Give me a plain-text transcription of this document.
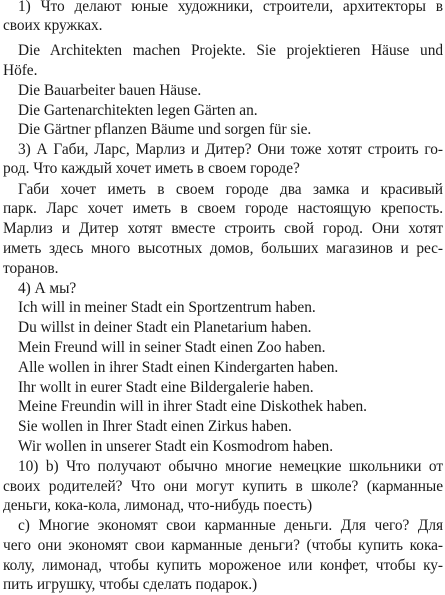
1) Что делают юные художники, строители, архитекторы в
своих кружках.
Die Architekten machen Projekte. Sie projektieren Häuse und
Höfe.
Die Bauarbeiter bauen Häuse.
Die Gartenarchitekten legen Gärten an.
Die Gärtner pflanzen Bäume und sorgen für sie.
3) А Габи, Ларс, Марлиз и Дитер? Они тоже хотят строить го-
род. Что каждый хочет иметь в своем городе?
Габи хочет иметь в своем городе два замка и красивый
парк. Ларс хочет иметь в своем городе настоящую крепость.
Марлиз и Дитер хотят вместе строить свой город. Они хотят
иметь здесь много высотных домов, больших магазинов и рес-
торанов.
4) А мы?
Ich will in meiner Stadt ein Sportzentrum haben.
Du willst in deiner Stadt ein Planetarium haben.
Mein Freund will in seiner Stadt einen Zoo haben.
Alle wollen in ihrer Stadt einen Kindergarten haben.
Ihr wollt in eurer Stadt eine Bildergalerie haben.
Meine Freundin will in ihrer Stadt eine Diskothek haben.
Sie wollen in Ihrer Stadt einen Zirkus haben.
Wir wollen in unserer Stadt ein Kosmodrom haben.
10) b) Что получают обычно многие немецкие школьники от
своих родителей? Что они могут купить в школе? (карманные
деньги, кока-кола, лимонад, что-нибудь поесть)
с) Многие экономят свои карманные деньги. Для чего? Для
чего они экономят свои карманные деньги? (чтобы купить кока-
колу, лимонад, чтобы купить мороженое или конфет, чтобы ку-
пить игрушку, чтобы сделать подарок.)
